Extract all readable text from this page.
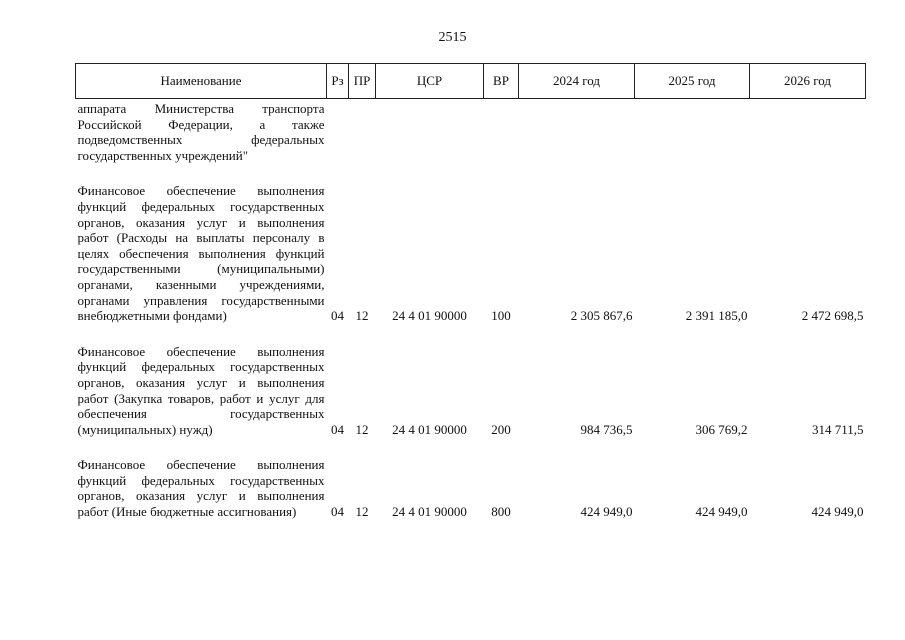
2515
Наименование	Рз	ПР	ЦСР	ВР	2024 год	2025 год	2026 год
аппарата Министерства транспорта Российской Федерации, а также подведомственных федеральных государственных учреждений"							

Финансовое обеспечение выполнения функций федеральных государственных органов, оказания услуг и выполнения работ (Расходы на выплаты персоналу в целях обеспечения выполнения функций государственными (муниципальными) органами, казенными учреждениями, органами управления государственными внебюджетными фондами)	04	12	24 4 01 90000	100	2 305 867,6	2 391 185,0	2 472 698,5

Финансовое обеспечение выполнения функций федеральных государственных органов, оказания услуг и выполнения работ (Закупка товаров, работ и услуг для обеспечения государственных (муниципальных) нужд)	04	12	24 4 01 90000	200	984 736,5	306 769,2	314 711,5

Финансовое обеспечение выполнения функций федеральных государственных органов, оказания услуг и выполнения работ (Иные бюджетные ассигнования)	04	12	24 4 01 90000	800	424 949,0	424 949,0	424 949,0
